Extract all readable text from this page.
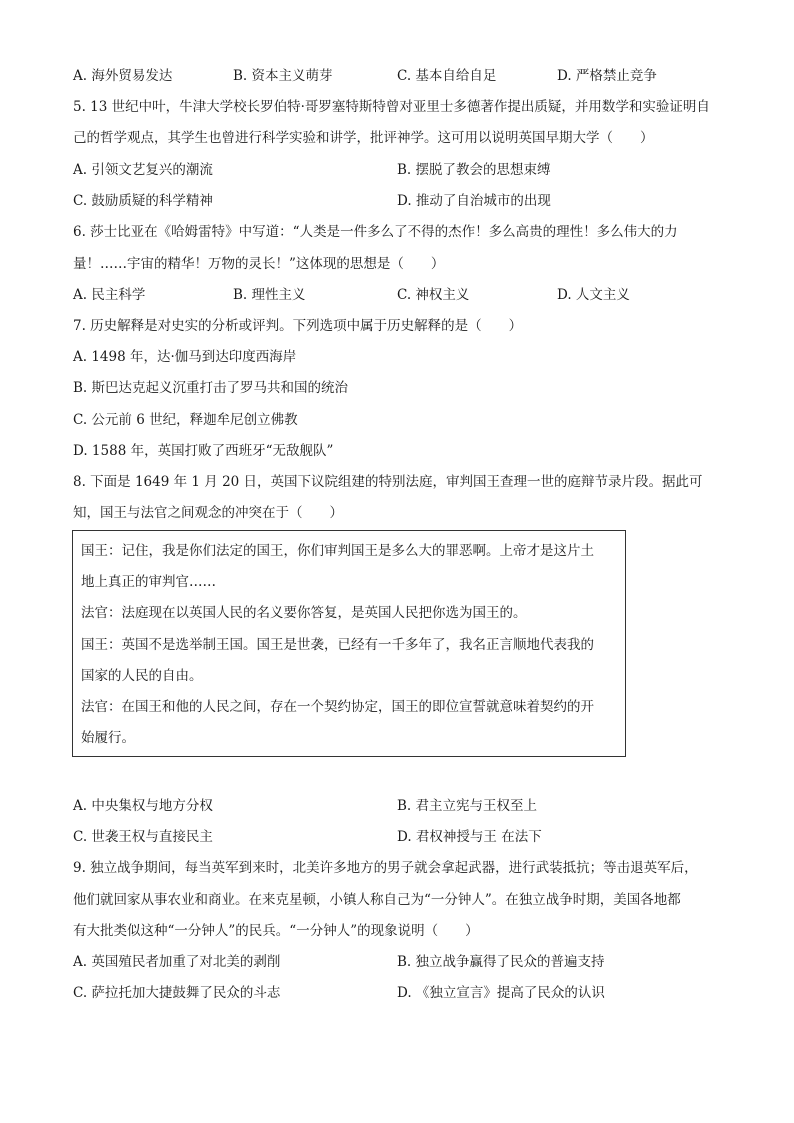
A. 海外贸易发达	B. 资本主义萌芽	C. 基本自给自足	D. 严格禁止竞争
5. 13 世纪中叶，牛津大学校长罗伯特·哥罗塞特斯特曾对亚里士多德著作提出质疑，并用数学和实验证明自
己的哲学观点，其学生也曾进行科学实验和讲学，批评神学。这可用以说明英国早期大学（　　）
A. 引领文艺复兴的潮流	B. 摆脱了教会的思想束缚
C. 鼓励质疑的科学精神	D. 推动了自治城市的出现
6. 莎士比亚在《哈姆雷特》中写道：“人类是一件多么了不得的杰作！多么高贵的理性！多么伟大的力
量！……宇宙的精华！万物的灵长！”这体现的思想是（　　）
A. 民主科学	B. 理性主义	C. 神权主义	D. 人文主义
7. 历史解释是对史实的分析或评判。下列选项中属于历史解释的是（　　）
A. 1498 年，达·伽马到达印度西海岸
B. 斯巴达克起义沉重打击了罗马共和国的统治
C. 公元前 6 世纪，释迦牟尼创立佛教
D. 1588 年，英国打败了西班牙“无敌舰队”
8. 下面是 1649 年 1 月 20 日，英国下议院组建的特别法庭，审判国王查理一世的庭辩节录片段。据此可
知，国王与法官之间观念的冲突在于（　　）
国王：记住，我是你们法定的国王，你们审判国王是多么大的罪恶啊。上帝才是这片土
地上真正的审判官……
法官：法庭现在以英国人民的名义要你答复，是英国人民把你选为国王的。
国王：英国不是选举制王国。国王是世袭，已经有一千多年了，我名正言顺地代表我的
国家的人民的自由。
法官：在国王和他的人民之间，存在一个契约协定，国王的即位宣誓就意味着契约的开
始履行。
A. 中央集权与地方分权	B. 君主立宪与王权至上
C. 世袭王权与直接民主	D. 君权神授与王 在法下
9. 独立战争期间，每当英军到来时，北美许多地方的男子就会拿起武器，进行武装抵抗；等击退英军后，
他们就回家从事农业和商业。在来克星顿，小镇人称自己为“一分钟人”。在独立战争时期，美国各地都
有大批类似这种“一分钟人”的民兵。“一分钟人”的现象说明（　　）
A. 英国殖民者加重了对北美的剥削	B. 独立战争赢得了民众的普遍支持
C. 萨拉托加大捷鼓舞了民众的斗志	D. 《独立宣言》提高了民众的认识
